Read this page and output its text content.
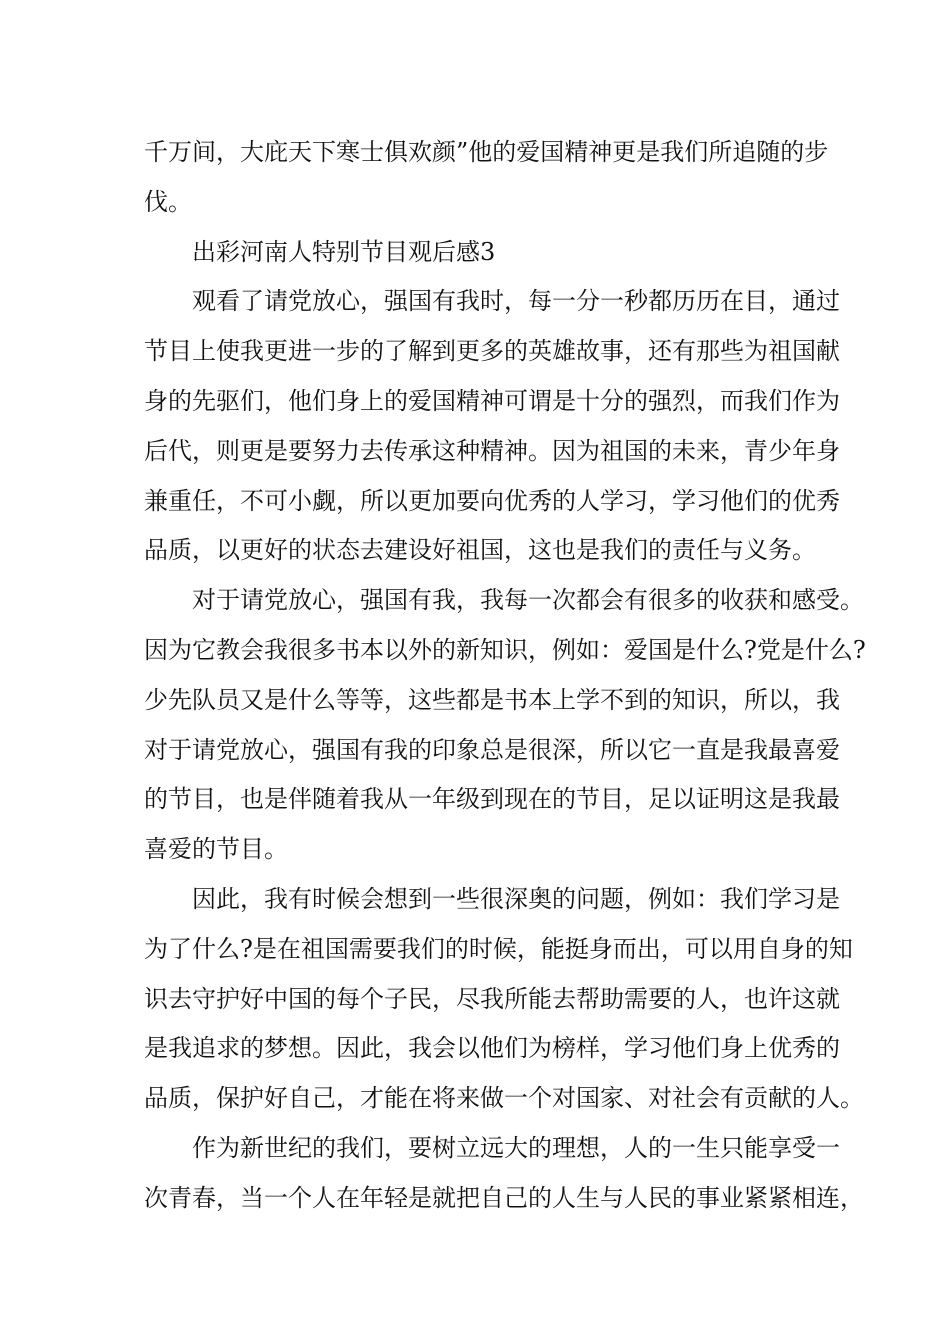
千万间，大庇天下寒士俱欢颜”他的爱国精神更是我们所追随的步
伐。
出彩河南人特别节目观后感3
观看了请党放心，强国有我时，每一分一秒都历历在目，通过
节目上使我更进一步的了解到更多的英雄故事，还有那些为祖国献
身的先驱们，他们身上的爱国精神可谓是十分的强烈，而我们作为
后代，则更是要努力去传承这种精神。因为祖国的未来，青少年身
兼重任，不可小觑，所以更加要向优秀的人学习，学习他们的优秀
品质，以更好的状态去建设好祖国，这也是我们的责任与义务。
对于请党放心，强国有我，我每一次都会有很多的收获和感受。
因为它教会我很多书本以外的新知识，例如：爱国是什么?党是什么?
少先队员又是什么等等，这些都是书本上学不到的知识，所以，我
对于请党放心，强国有我的印象总是很深，所以它一直是我最喜爱
的节目，也是伴随着我从一年级到现在的节目，足以证明这是我最
喜爱的节目。
因此，我有时候会想到一些很深奥的问题，例如：我们学习是
为了什么?是在祖国需要我们的时候，能挺身而出，可以用自身的知
识去守护好中国的每个子民，尽我所能去帮助需要的人，也许这就
是我追求的梦想。因此，我会以他们为榜样，学习他们身上优秀的
品质，保护好自己，才能在将来做一个对国家、对社会有贡献的人。
作为新世纪的我们，要树立远大的理想，人的一生只能享受一
次青春，当一个人在年轻是就把自己的人生与人民的事业紧紧相连，
